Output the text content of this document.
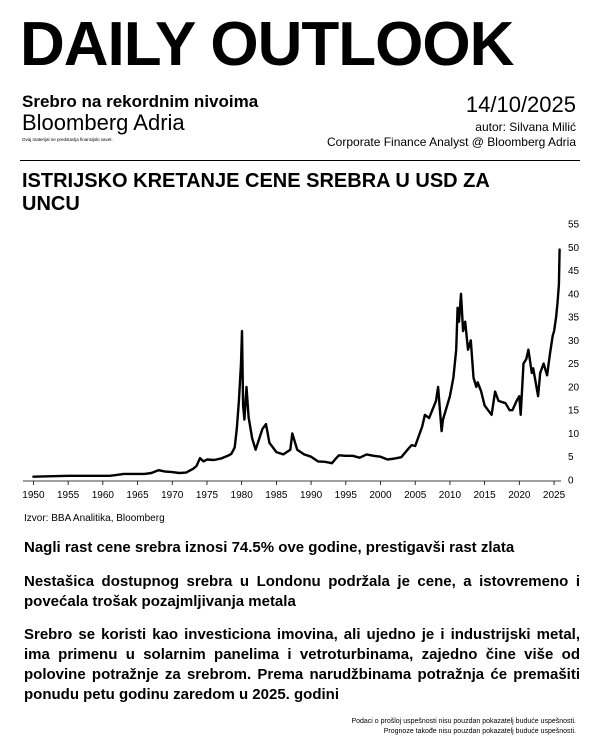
DAILY OUTLOOK
Srebro na rekordnim nivoima
Bloomberg Adria
Ovaj materijal ne predstavlja finansijski savet.
14/10/2025
autor: Silvana Milić
Corporate Finance Analyst @ Bloomberg Adria
ISTRIJSKO KRETANJE CENE SREBRA U USD ZA UNCU
1950 1955 1960 1965 1970 1975 1980 1985 1990 1995 2000 2005 2010 2015 2020 2025
0
5
10
15
20
25
30
35
40
45
50
55
Izvor: BBA Analitika, Bloomberg
Nagli rast cene srebra iznosi 74.5% ove godine, prestigavši rast zlata
Nestašica dostupnog srebra u Londonu podržala je cene, a istovremeno i povećala trošak pozajmljivanja metala
Srebro se koristi kao investiciona imovina, ali ujedno je i industrijski metal, ima primenu u solarnim panelima i vetroturbinama, zajedno čine više od polovine potražnje za srebrom. Prema narudžbinama potražnja će premašiti ponudu petu godinu zaredom u 2025. godini
Podaci o prošloj uspešnosti nisu pouzdan pokazatelj buduće uspešnosti.
Prognoze takođe nisu pouzdan pokazatelj buduće uspešnosti.
